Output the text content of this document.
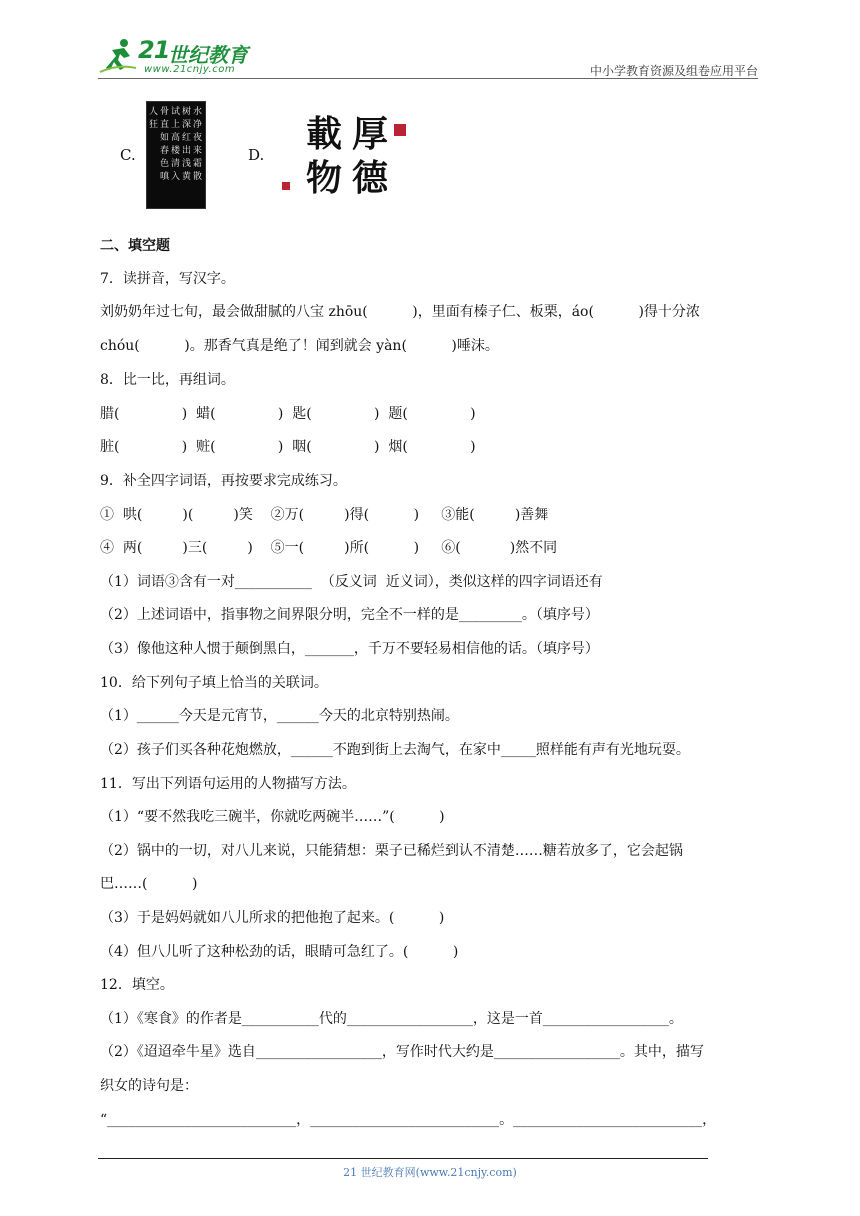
21
世纪教育
www.21cnjy.com	中小学教育资源及组卷应用平台
C.
水净夜来霜散
树深红出浅黄
试上高楼清入
骨直如春色嗔
人狂
D. 載 厚
物 德
二、填空题
7．读拼音，写汉字。
刘奶奶年过七旬，最会做甜腻的八宝 zhōu(          )，里面有榛子仁、板栗，áo(          )得十分浓
chóu(          )。那香气真是绝了！闻到就会 yàn(          )唾沫。
8．比一比，再组词。
腊(              )  蜡(              )  匙(              )  题(              )
脏(              )  赃(              )  咽(              )  烟(              )
9．补全四字词语，再按要求完成练习。
①  哄(         )(         )笑    ②万(         )得(          )     ③能(         )善舞
④  两(         )三(         )    ⑤一(         )所(          )     ⑥(           )然不同
（1）词语③含有一对___________  （反义词  近义词），类似这样的四字词语还有
（2）上述词语中，指事物之间界限分明，完全不一样的是_________。（填序号）
（3）像他这种人惯于颠倒黑白，_______，千万不要轻易相信他的话。（填序号）
10．给下列句子填上恰当的关联词。
（1）______今天是元宵节，______今天的北京特别热闹。
（2）孩子们买各种花炮燃放，______不跑到街上去淘气，在家中_____照样能有声有光地玩耍。
11．写出下列语句运用的人物描写方法。
（1）“要不然我吃三碗半，你就吃两碗半……”(          )
（2）锅中的一切，对八儿来说，只能猜想：栗子已稀烂到认不清楚……糖若放多了，它会起锅
巴……(          )
（3）于是妈妈就如八儿所求的把他抱了起来。(          )
（4）但八儿听了这种松劲的话，眼睛可急红了。(          )
12．填空。
（1）《寒食》的作者是___________代的__________________，这是一首__________________。
（2）《迢迢牵牛星》选自__________________，写作时代大约是__________________。其中，描写
织女的诗句是：
“___________________________，___________________________。___________________________，
21 世纪教育网(www.21cnjy.com)
